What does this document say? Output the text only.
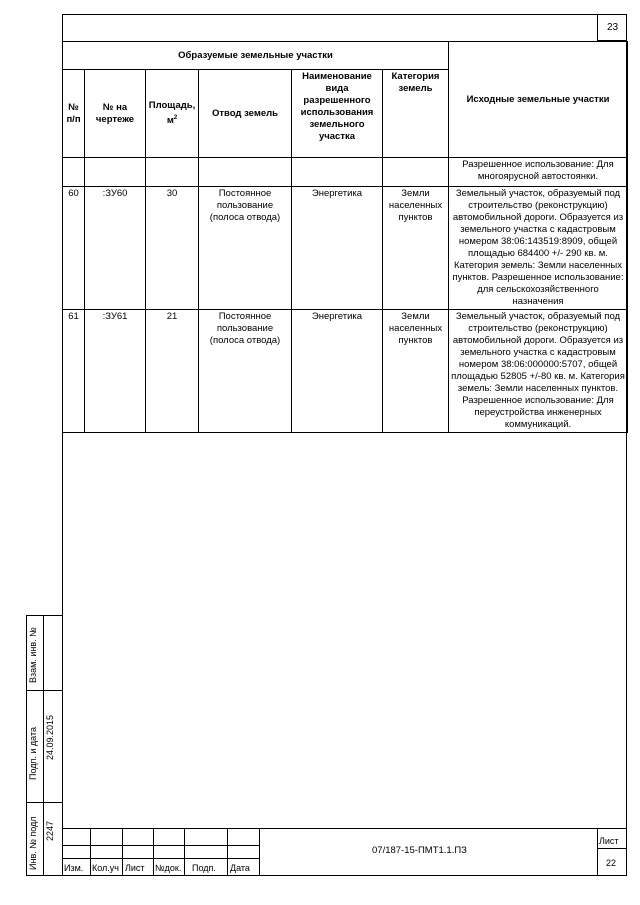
23
Образуемые земельные участки						Исходные земельные участки
№ п/п	№ на чертеже	Площадь, $м^2$	Отвод земель	Наименование вида разрешенного использования земельного участка	Категория земель	
						Разрешенное использование: Для многоярусной автостоянки.
60	:ЗУ60	30	Постоянное пользование (полоса отвода)	Энергетика	Земли населенных пунктов	Земельный участок, образуемый под строительство (реконструкцию) автомобильной дороги. Образуется из земельного участка с кадастровым номером 38:06:143519:8909, общей площадью 684400 +/- 290 кв. м. Категория земель: Земли населенных пунктов. Разрешенное использование: для сельскохозяйственного назначения
61	:ЗУ61	21	Постоянное пользование (полоса отвода)	Энергетика	Земли населенных пунктов	Земельный участок, образуемый под строительство (реконструкцию) автомобильной дороги. Образуется из земельного участка с кадастровым номером 38:06:000000:5707, общей площадью 52805 +/-80 кв. м. Категория земель: Земли населенных пунктов. Разрешенное использование: Для переустройства инженерных коммуникаций.
Взам. инв. №
Подп. и дата 24.09.2015
Инв. № подл 2247
Изм. Кол.уч Лист №док. Подп. Дата
07/187-15-ПМТ1.1.ПЗ
Лист
22
